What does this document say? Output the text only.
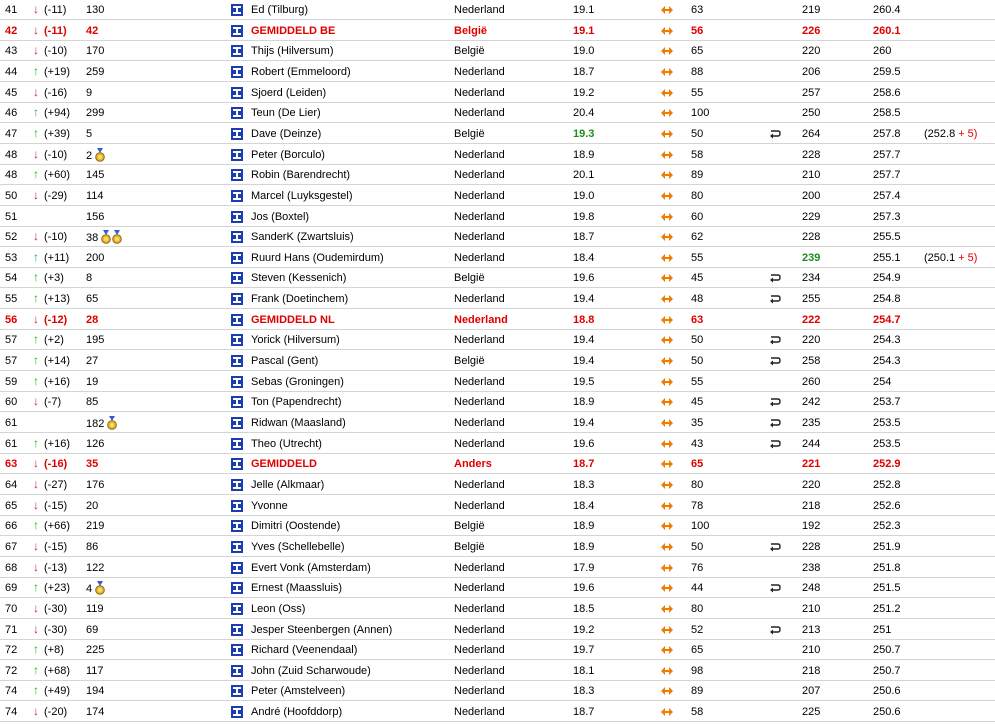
41 ↓ (-11) 130	Ed (Tilburg)	Nederland	19.1	63	219	260.4
42 ↓ (-11) 42	GEMIDDELD BE	België	19.1	56	226	260.1
43 ↓ (-10) 170	Thijs (Hilversum)	België	19.0	65	220	260
44 ↑ (+19) 259	Robert (Emmeloord)	Nederland	18.7	88	206	259.5
45 ↓ (-16) 9	Sjoerd (Leiden)	Nederland	19.2	55	257	258.6
46 ↑ (+94) 299	Teun (De Lier)	Nederland	20.4	100	250	258.5
47 ↑ (+39) 5	Dave (Deinze)	België	19.3	50	264	257.8 (252.8 + 5)
48 ↓ (-10) 2	Peter (Borculo)	Nederland	18.9	58	228	257.7
48 ↑ (+60) 145	Robin (Barendrecht)	Nederland	20.1	89	210	257.7
50 ↓ (-29) 114	Marcel (Luyksgestel)	Nederland	19.0	80	200	257.4
51	156	Jos (Boxtel)	Nederland	19.8	60	229	257.3
52 ↓ (-10) 38	SanderK (Zwartsluis)	Nederland	18.7	62	228	255.5
53 ↑ (+11) 200	Ruurd Hans (Oudemirdum)	Nederland	18.4	55	239	255.1 (250.1 + 5)
54 ↑ (+3) 8	Steven (Kessenich)	België	19.6	45	234	254.9
55 ↑ (+13) 65	Frank (Doetinchem)	Nederland	19.4	48	255	254.8
56 ↓ (-12) 28	GEMIDDELD NL	Nederland	18.8	63	222	254.7
57 ↑ (+2) 195	Yorick (Hilversum)	Nederland	19.4	50	220	254.3
57 ↑ (+14) 27	Pascal (Gent)	België	19.4	50	258	254.3
59 ↑ (+16) 19	Sebas (Groningen)	Nederland	19.5	55	260	254
60 ↓ (-7) 85	Ton (Papendrecht)	Nederland	18.9	45	242	253.7
61	182	Ridwan (Maasland)	Nederland	19.4	35	235	253.5
61 ↑ (+16) 126	Theo (Utrecht)	Nederland	19.6	43	244	253.5
63 ↓ (-16) 35	GEMIDDELD	Anders	18.7	65	221	252.9
64 ↓ (-27) 176	Jelle (Alkmaar)	Nederland	18.3	80	220	252.8
65 ↓ (-15) 20	Yvonne	Nederland	18.4	78	218	252.6
66 ↑ (+66) 219	Dimitri (Oostende)	België	18.9	100	192	252.3
67 ↓ (-15) 86	Yves (Schellebelle)	België	18.9	50	228	251.9
68 ↓ (-13) 122	Evert Vonk (Amsterdam)	Nederland	17.9	76	238	251.8
69 ↑ (+23) 4	Ernest (Maassluis)	Nederland	19.6	44	248	251.5
70 ↓ (-30) 119	Leon (Oss)	Nederland	18.5	80	210	251.2
71 ↓ (-30) 69	Jesper Steenbergen (Annen)	Nederland	19.2	52	213	251
72 ↑ (+8) 225	Richard (Veenendaal)	Nederland	19.7	65	210	250.7
72 ↑ (+68) 117	John (Zuid Scharwoude)	Nederland	18.1	98	218	250.7
74 ↑ (+49) 194	Peter (Amstelveen)	Nederland	18.3	89	207	250.6
74 ↓ (-20) 174	André (Hoofddorp)	Nederland	18.7	58	225	250.6
